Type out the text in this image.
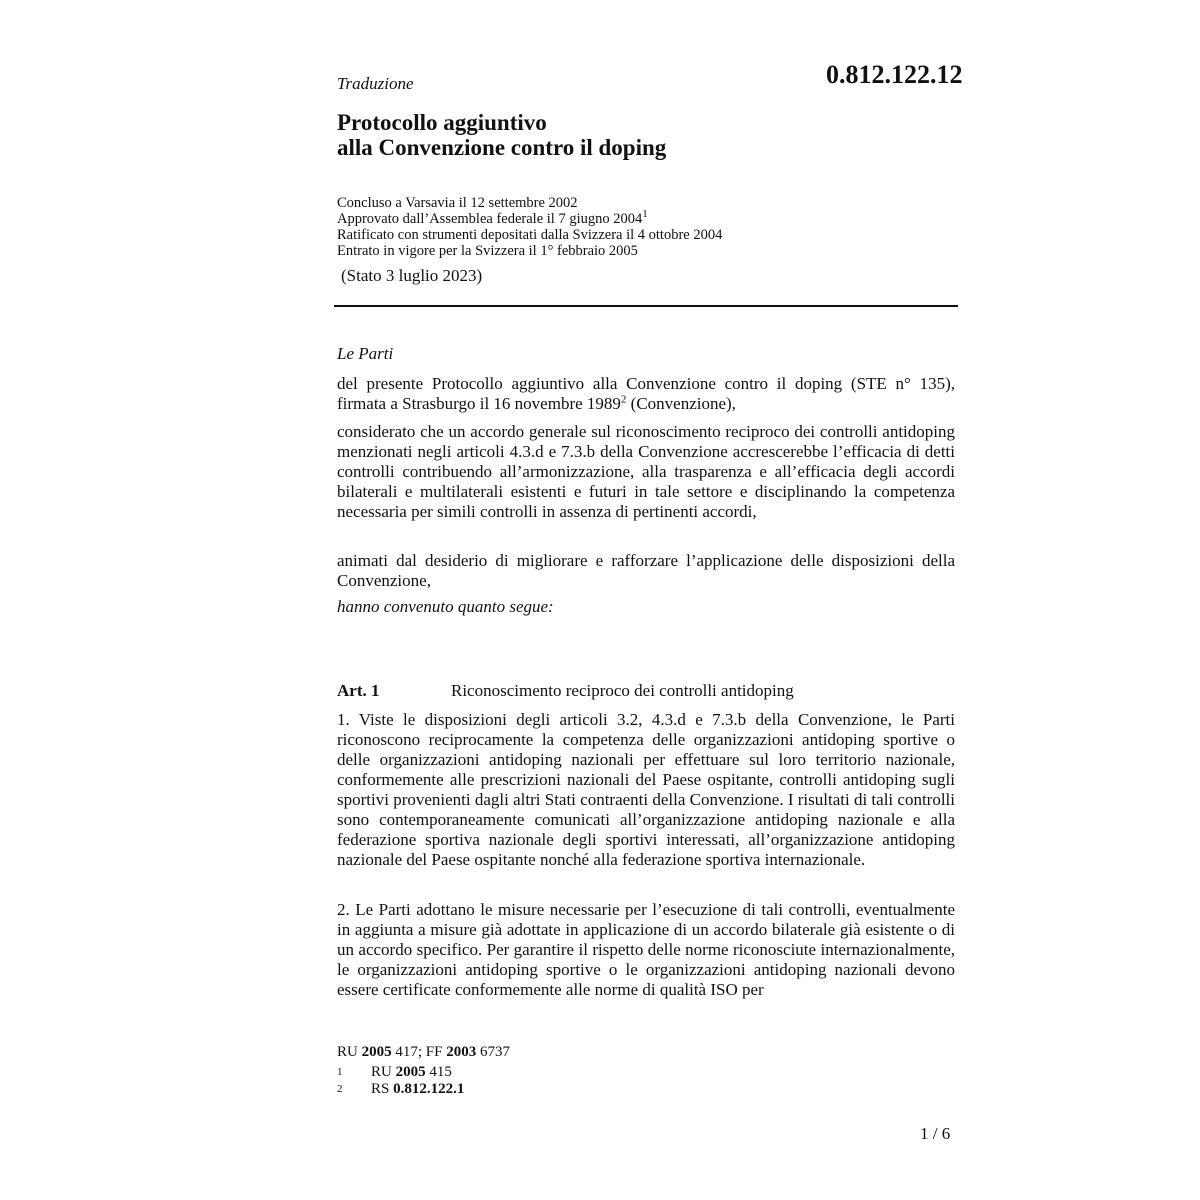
0.812.122.12
Traduzione
Protocollo aggiuntivo
alla Convenzione contro il doping
Concluso a Varsavia il 12 settembre 2002
Approvato dall’Assemblea federale il 7 giugno 2004$^1$
Ratificato con strumenti depositati dalla Svizzera il 4 ottobre 2004
Entrato in vigore per la Svizzera il 1° febbraio 2005
(Stato 3 luglio 2023)
Le Parti
del presente Protocollo aggiuntivo alla Convenzione contro il doping (STE n° 135), firmata a Strasburgo il 16 novembre 1989$^2$ (Convenzione),
considerato che un accordo generale sul riconoscimento reciproco dei controlli antidoping menzionati negli articoli 4.3.d e 7.3.b della Convenzione accrescerebbe l’efficacia di detti controlli contribuendo all’armonizzazione, alla trasparenza e all’efficacia degli accordi bilaterali e multilaterali esistenti e futuri in tale settore e disciplinando la competenza necessaria per simili controlli in assenza di pertinenti accordi,
animati dal desiderio di migliorare e rafforzare l’applicazione delle disposizioni della Convenzione,
hanno convenuto quanto segue:
Art. 1	Riconoscimento reciproco dei controlli antidoping
1. Viste le disposizioni degli articoli 3.2, 4.3.d e 7.3.b della Convenzione, le Parti riconoscono reciprocamente la competenza delle organizzazioni antidoping sportive o delle organizzazioni antidoping nazionali per effettuare sul loro territorio nazionale, conformemente alle prescrizioni nazionali del Paese ospitante, controlli antidoping sugli sportivi provenienti dagli altri Stati contraenti della Convenzione. I risultati di tali controlli sono contemporaneamente comunicati all’organizzazione antidoping nazionale e alla federazione sportiva nazionale degli sportivi interessati, all’organizzazione antidoping nazionale del Paese ospitante nonché alla federazione sportiva internazionale.
2. Le Parti adottano le misure necessarie per l’esecuzione di tali controlli, eventualmente in aggiunta a misure già adottate in applicazione di un accordo bilaterale già esistente o di un accordo specifico. Per garantire il rispetto delle norme riconosciute internazionalmente, le organizzazioni antidoping sportive o le organizzazioni antidoping nazionali devono essere certificate conformemente alle norme di qualità ISO per
RU 2005 417; FF 2003 6737
1 RU 2005 415
2 RS 0.812.122.1
1 / 6
